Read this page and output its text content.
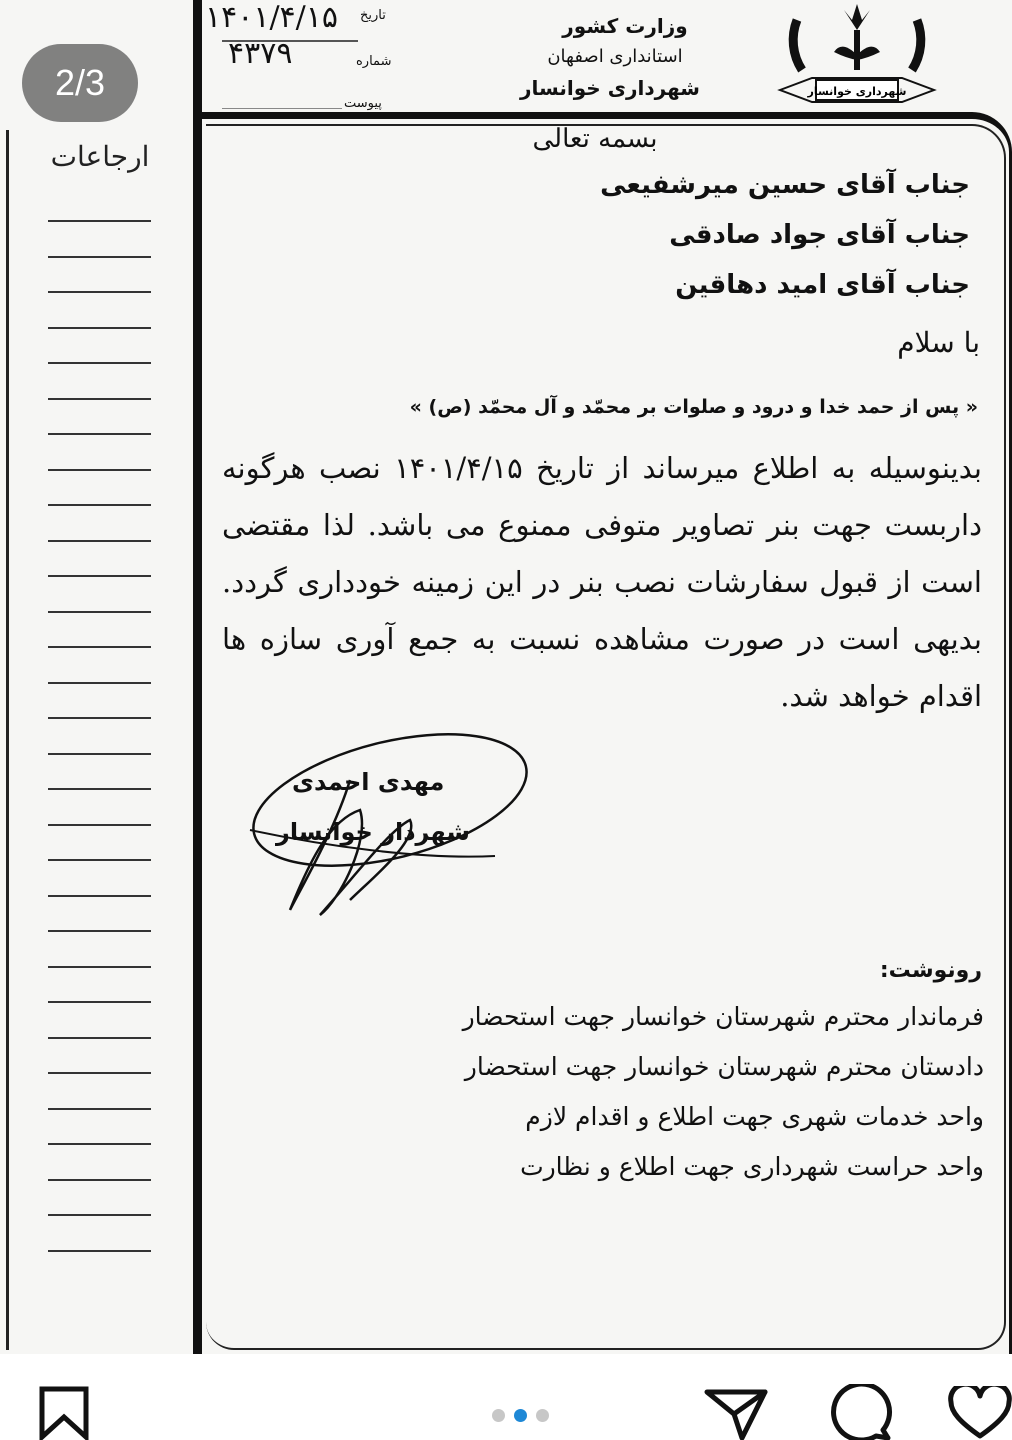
ارجاعات
وزارت کشور
استانداری اصفهان
شهرداری خوانسار
تاریخ
۱۴۰۱/۴/۱۵
شماره
۴۳۷۹
پیوست
شهرداری خوانسار
بسمه تعالی
جناب آقای حسین میرشفیعی
جناب آقای جواد صادقی
جناب آقای امید دهاقین
با سلام
« پس از حمد خدا و درود و صلوات بر محمّد و آل محمّد (ص) »
بدینوسیله به اطلاع میرساند از تاریخ ۱۴۰۱/۴/۱۵ نصب هرگونه داربست جهت بنر تصاویر متوفی ممنوع می باشد. لذا مقتضی است از قبول سفارشات نصب بنر در این زمینه خودداری گردد. بدیهی است در صورت مشاهده نسبت به جمع آوری سازه ها اقدام خواهد شد.
مهدی احمدی
شهردار خوانسار
رونوشت:
فرماندار محترم شهرستان خوانسار جهت استحضار
دادستان محترم شهرستان خوانسار جهت استحضار
واحد خدمات شهری جهت اطلاع و اقدام لازم
واحد حراست شهرداری جهت اطلاع و نظارت
2/3
